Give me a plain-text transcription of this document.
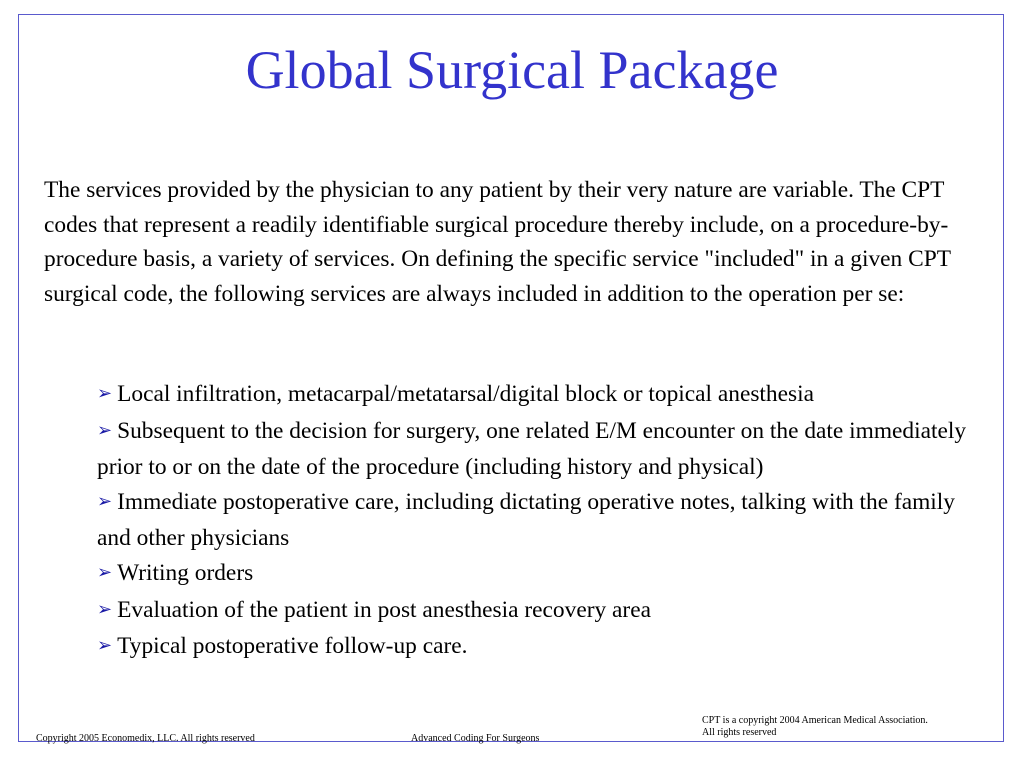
Global Surgical Package

The services provided by the physician to any patient by their very nature are variable. The CPT codes that represent a readily identifiable surgical procedure thereby include, on a procedure-by-procedure basis, a variety of services. On defining the specific service "included" in a given CPT surgical code, the following services are always included in addition to the operation per se:

➢ Local infiltration, metacarpal/metatarsal/digital block or topical anesthesia
➢ Subsequent to the decision for surgery, one related E/M encounter on the date immediately prior to or on the date of the procedure (including history and physical)
➢ Immediate postoperative care, including dictating operative notes, talking with the family and other physicians
➢ Writing orders
➢ Evaluation of the patient in post anesthesia recovery area
➢ Typical postoperative follow-up care.
Copyright 2005 Economedix, LLC. All rights reserved	Advanced Coding For Surgeons
CPT is a copyright 2004 American Medical Association.
All rights reserved
